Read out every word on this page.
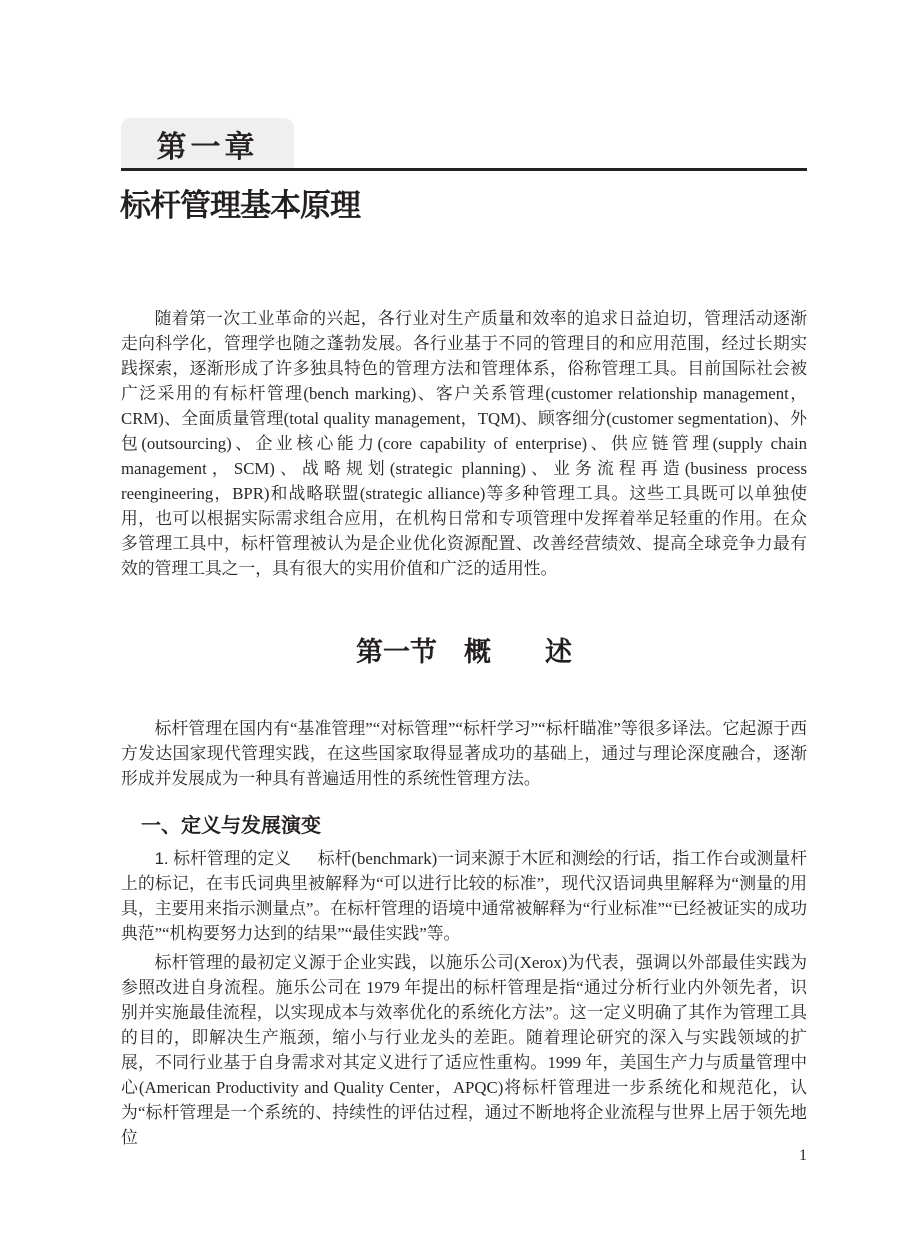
第一章
标杆管理基本原理

随着第一次工业革命的兴起，各行业对生产质量和效率的追求日益迫切，管理活动逐渐走向科学化，管理学也随之蓬勃发展。各行业基于不同的管理目的和应用范围，经过长期实践探索，逐渐形成了许多独具特色的管理方法和管理体系，俗称管理工具。目前国际社会被广泛采用的有标杆管理(bench marking)、客户关系管理(customer relationship management，CRM)、全面质量管理(total quality management，TQM)、顾客细分(customer segmentation)、外包(outsourcing)、企业核心能力(core capability of enterprise)、供应链管理(supply chain management，SCM)、战略规划(strategic planning)、业务流程再造(business process reengineering，BPR)和战略联盟(strategic alliance)等多种管理工具。这些工具既可以单独使用，也可以根据实际需求组合应用，在机构日常和专项管理中发挥着举足轻重的作用。在众多管理工具中，标杆管理被认为是企业优化资源配置、改善经营绩效、提高全球竞争力最有效的管理工具之一，具有很大的实用价值和广泛的适用性。

第一节　概　　述

标杆管理在国内有“基准管理”“对标管理”“标杆学习”“标杆瞄准”等很多译法。它起源于西方发达国家现代管理实践，在这些国家取得显著成功的基础上，通过与理论深度融合，逐渐形成并发展成为一种具有普遍适用性的系统性管理方法。

一、定义与发展演变

1. 标杆管理的定义 标杆(benchmark)一词来源于木匠和测绘的行话，指工作台或测量杆上的标记，在韦氏词典里被解释为“可以进行比较的标准”，现代汉语词典里解释为“测量的用具，主要用来指示测量点”。在标杆管理的语境中通常被解释为“行业标准”“已经被证实的成功典范”“机构要努力达到的结果”“最佳实践”等。

标杆管理的最初定义源于企业实践，以施乐公司(Xerox)为代表，强调以外部最佳实践为参照改进自身流程。施乐公司在 1979 年提出的标杆管理是指“通过分析行业内外领先者，识别并实施最佳流程，以实现成本与效率优化的系统化方法”。这一定义明确了其作为管理工具的目的，即解决生产瓶颈，缩小与行业龙头的差距。随着理论研究的深入与实践领域的扩展，不同行业基于自身需求对其定义进行了适应性重构。1999 年，美国生产力与质量管理中心(American Productivity and Quality Center，APQC)将标杆管理进一步系统化和规范化，认为“标杆管理是一个系统的、持续性的评估过程，通过不断地将企业流程与世界上居于领先地位

1
